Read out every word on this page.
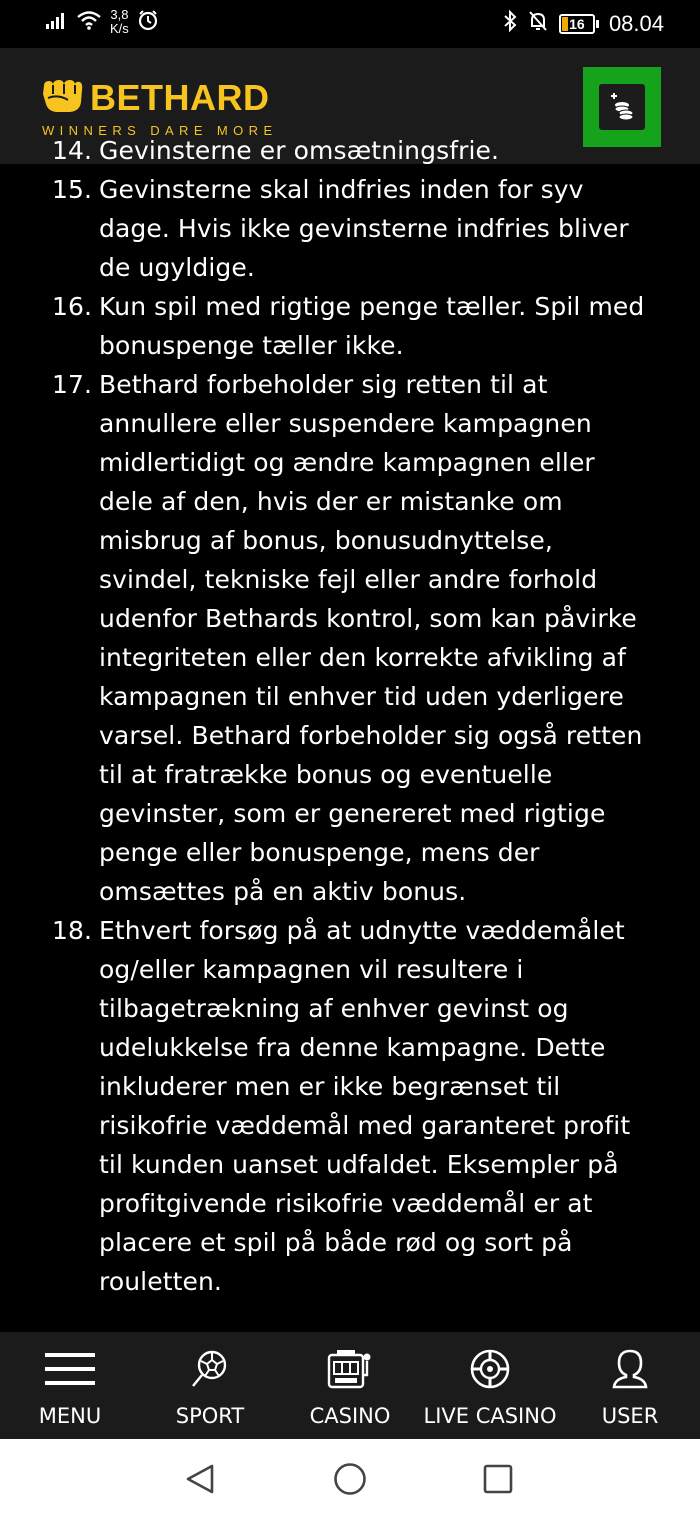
3,8
K/s	16	08.04
BETHARD
WINNERS DARE MORE
14. Gevinsterne er omsætningsfrie.
15. Gevinsterne skal indfries inden for syv dage. Hvis ikke gevinsterne indfries bliver de ugyldige.
16. Kun spil med rigtige penge tæller. Spil med bonuspenge tæller ikke.
17. Bethard forbeholder sig retten til at annullere eller suspendere kampagnen midlertidigt og ændre kampagnen eller dele af den, hvis der er mistanke om misbrug af bonus, bonusudnyttelse, svindel, tekniske fejl eller andre forhold udenfor Bethards kontrol, som kan påvirke integriteten eller den korrekte afvikling af kampagnen til enhver tid uden yderligere varsel. Bethard forbeholder sig også retten til at fratrække bonus og eventuelle gevinster, som er genereret med rigtige penge eller bonuspenge, mens der omsættes på en aktiv bonus.
18. Ethvert forsøg på at udnytte væddemålet og/eller kampagnen vil resultere i tilbagetrækning af enhver gevinst og udelukkelse fra denne kampagne. Dette inkluderer men er ikke begrænset til risikofrie væddemål med garanteret profit til kunden uanset udfaldet. Eksempler på profitgivende risikofrie væddemål er at placere et spil på både rød og sort på rouletten.
MENU	SPORT	CASINO LIVE CASINO USER
